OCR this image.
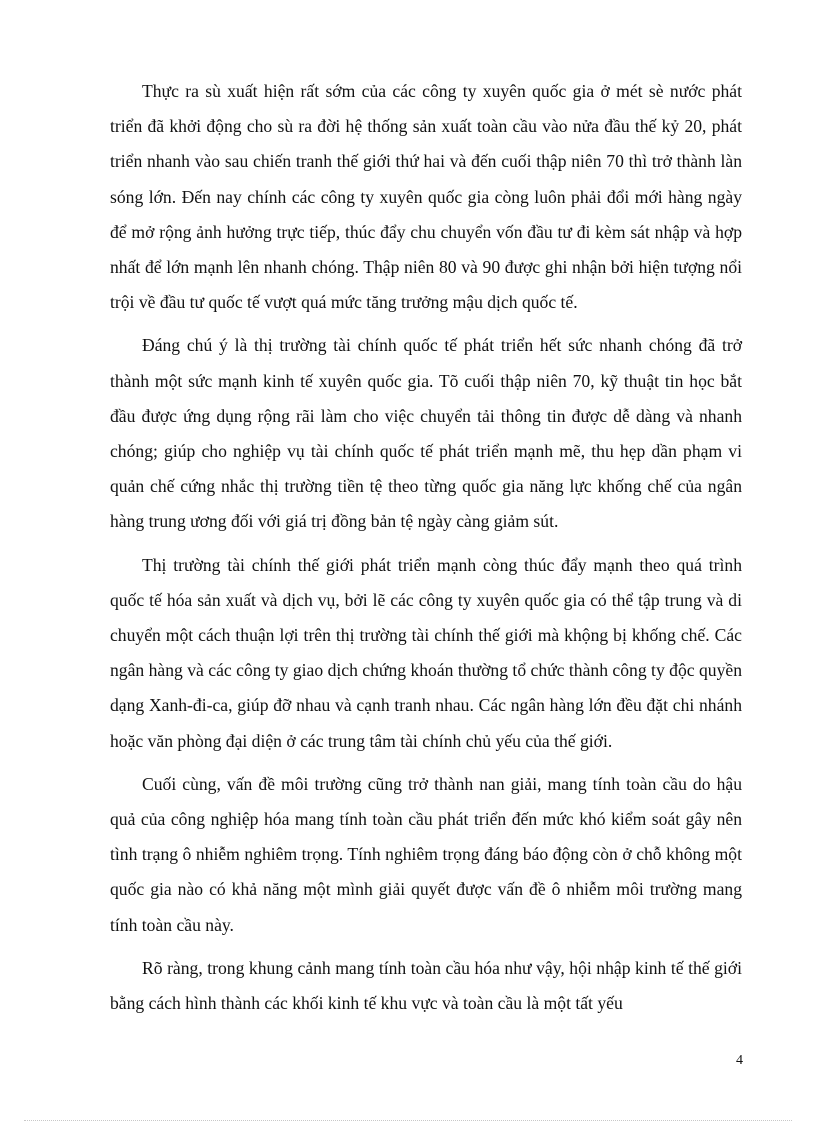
Thực ra sù xuất hiện rất sớm của các công ty xuyên quốc gia ở mét sè nước phát triển đã khởi động cho sù ra đời hệ thống sản xuất toàn cầu vào nửa đầu thế kỷ 20, phát triển nhanh vào sau chiến tranh thế giới thứ hai và đến cuối thập niên 70 thì trở thành làn sóng lớn. Đến nay chính các công ty xuyên quốc gia còng luôn phải đổi mới hàng ngày để mở rộng ảnh hưởng trực tiếp, thúc đẩy chu chuyển vốn đầu tư đi kèm sát nhập và hợp nhất để lớn mạnh lên nhanh chóng. Thập niên 80 và 90 được ghi nhận bởi hiện tượng nổi trội về đầu tư quốc tế vượt quá mức tăng trưởng mậu dịch quốc tế.

Đáng chú ý là thị trường tài chính quốc tế phát triển hết sức nhanh chóng đã trở thành một sức mạnh kinh tế xuyên quốc gia. Tõ cuối thập niên 70, kỹ thuật tin học bắt đầu được ứng dụng rộng rãi làm cho việc chuyển tải thông tin được dễ dàng và nhanh chóng; giúp cho nghiệp vụ tài chính quốc tế phát triển mạnh mẽ, thu hẹp dần phạm vi quản chế cứng nhắc thị trường tiền tệ theo từng quốc gia năng lực khống chế của ngân hàng trung ương đối với giá trị đồng bản tệ ngày càng giảm sút.

Thị trường tài chính thế giới phát triển mạnh còng thúc đẩy mạnh theo quá trình quốc tế hóa sản xuất và dịch vụ, bởi lẽ các công ty xuyên quốc gia có thể tập trung và di chuyển một cách thuận lợi trên thị trường tài chính thế giới mà khộng bị khống chế. Các ngân hàng và các công ty giao dịch chứng khoán thường tổ chức thành công ty độc quyền dạng Xanh-đi-ca, giúp đỡ nhau và cạnh tranh nhau. Các ngân hàng lớn đều đặt chi nhánh hoặc văn phòng đại diện ở các trung tâm tài chính chủ yếu của thế giới.

Cuối cùng, vấn đề môi trường cũng trở thành nan giải, mang tính toàn cầu do hậu quả của công nghiệp hóa mang tính toàn cầu phát triển đến mức khó kiểm soát gây nên tình trạng ô nhiễm nghiêm trọng. Tính nghiêm trọng đáng báo động còn ở chỗ không một quốc gia nào có khả năng một mình giải quyết được vấn đề ô nhiễm môi trường mang tính toàn cầu này.

Rõ ràng, trong khung cảnh mang tính toàn cầu hóa như vậy, hội nhập kinh tế thế giới bằng cách hình thành các khối kinh tế khu vực và toàn cầu là một tất yếu

4
